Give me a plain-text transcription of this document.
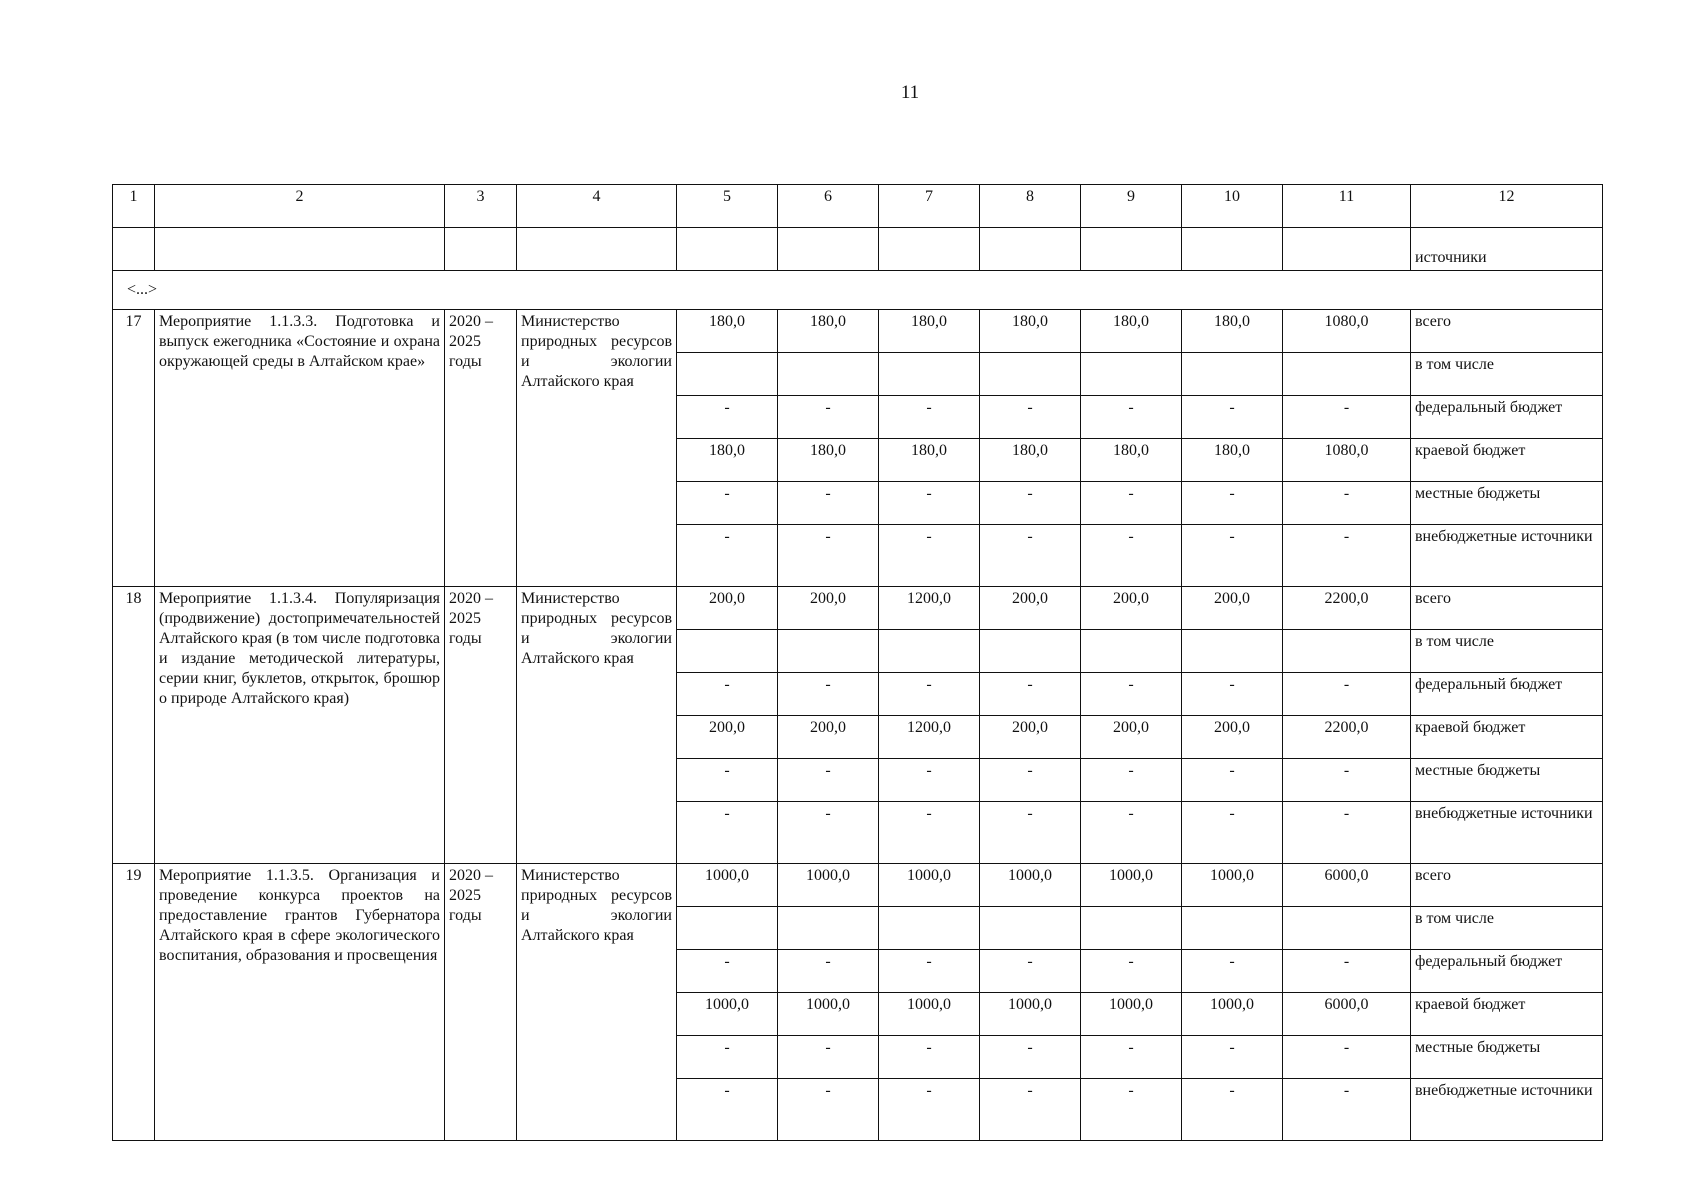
11
1	2	3	4	5	6	7	8	9	10	11	12
											источники
<...>											
17	Мероприятие 1.1.3.3. Подготовка и выпуск ежегодника «Состояние и охрана окружающей среды в Алтайском крае»	2020 – 2025 годы	Министерство природных ресурсов и экологии Алтайского края	180,0	180,0	180,0	180,0	180,0	180,0	1080,0	всего
											в том числе
				-	-	-	-	-	-	-	федеральный бюджет
				180,0	180,0	180,0	180,0	180,0	180,0	1080,0	краевой бюджет
				-	-	-	-	-	-	-	местные бюджеты
				-	-	-	-	-	-	-	внебюджетные источники
18	Мероприятие 1.1.3.4. Популяризация (продвижение) достопримечательностей Алтайского края (в том числе подготовка и издание методической литературы, серии книг, буклетов, открыток, брошюр о природе Алтайского края)	2020 – 2025 годы	Министерство природных ресурсов и экологии Алтайского края	200,0	200,0	1200,0	200,0	200,0	200,0	2200,0	всего
											в том числе
				-	-	-	-	-	-	-	федеральный бюджет
				200,0	200,0	1200,0	200,0	200,0	200,0	2200,0	краевой бюджет
				-	-	-	-	-	-	-	местные бюджеты
				-	-	-	-	-	-	-	внебюджетные источники
19	Мероприятие 1.1.3.5. Организация и проведение конкурса проектов на предоставление грантов Губернатора Алтайского края в сфере экологического воспитания, образования и просвещения	2020 – 2025 годы	Министерство природных ресурсов и экологии Алтайского края	1000,0	1000,0	1000,0	1000,0	1000,0	1000,0	6000,0	всего
											в том числе
				-	-	-	-	-	-	-	федеральный бюджет
				1000,0	1000,0	1000,0	1000,0	1000,0	1000,0	6000,0	краевой бюджет
				-	-	-	-	-	-	-	местные бюджеты
				-	-	-	-	-	-	-	внебюджетные источники
